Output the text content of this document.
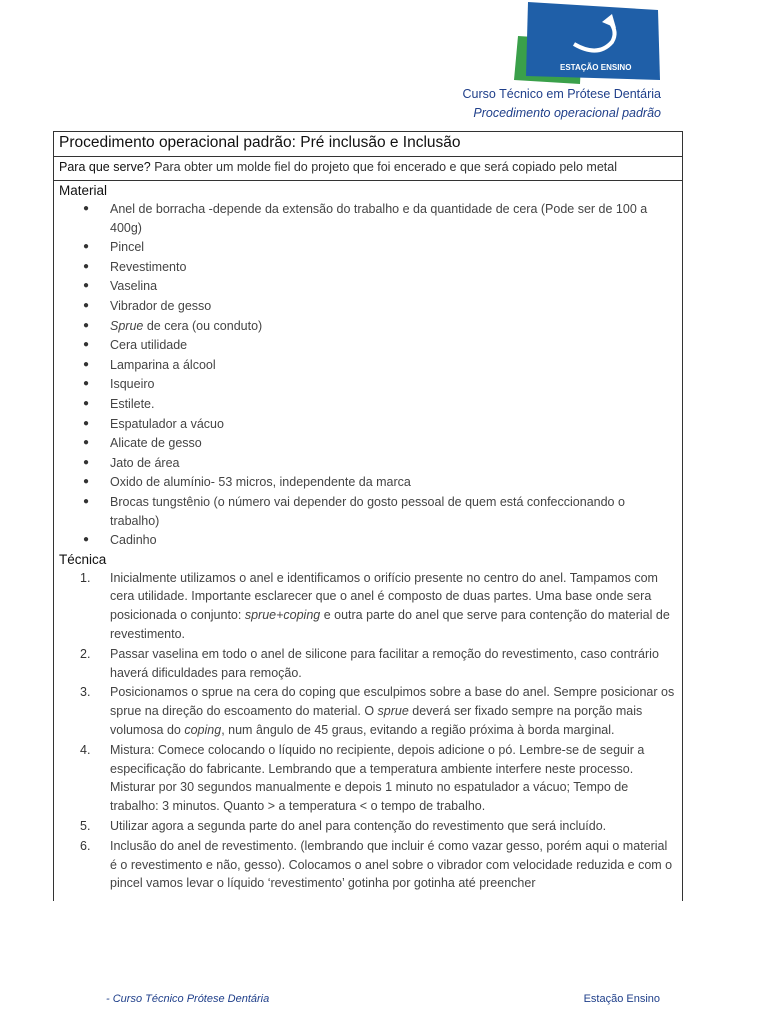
ESTAÇÃO ENSINO
Curso Técnico em Prótese Dentária
Procedimento operacional padrão
Procedimento operacional padrão: Pré inclusão e Inclusão
Para que serve? Para obter um molde fiel do projeto que foi encerado e que será copiado pelo metal
Material
● Anel de borracha -depende da extensão do trabalho e da quantidade de cera (Pode ser de 100 a 400g)
● Pincel
● Revestimento
● Vaselina
● Vibrador de gesso
● Sprue de cera (ou conduto)
● Cera utilidade
● Lamparina a álcool
● Isqueiro
● Estilete.
● Espatulador a vácuo
● Alicate de gesso
● Jato de área
● Oxido de alumínio- 53 micros, independente da marca
● Brocas tungstênio (o número vai depender do gosto pessoal de quem está confeccionando o trabalho)
● Cadinho
Técnica
1. Inicialmente utilizamos o anel e identificamos o orifício presente no centro do anel. Tampamos com cera utilidade. Importante esclarecer que o anel é composto de duas partes. Uma base onde sera posicionada o conjunto: sprue+coping e outra parte do anel que serve para contenção do material de revestimento.
2. Passar vaselina em todo o anel de silicone para facilitar a remoção do revestimento, caso contrário haverá dificuldades para remoção.
3. Posicionamos o sprue na cera do coping que esculpimos sobre a base do anel. Sempre posicionar os sprue na direção do escoamento do material. O sprue deverá ser fixado sempre na porção mais volumosa do coping, num ângulo de 45 graus, evitando a região próxima à borda marginal.
4. Mistura: Comece colocando o líquido no recipiente, depois adicione o pó. Lembre-se de seguir a especificação do fabricante. Lembrando que a temperatura ambiente interfere neste processo. Misturar por 30 segundos manualmente e depois 1 minuto no espatulador a vácuo; Tempo de trabalho: 3 minutos. Quanto > a temperatura < o tempo de trabalho.
5. Utilizar agora a segunda parte do anel para contenção do revestimento que será incluído.
6. Inclusão do anel de revestimento. (lembrando que incluir é como vazar gesso, porém aqui o material é o revestimento e não, gesso). Colocamos o anel sobre o vibrador com velocidade reduzida e com o pincel vamos levar o líquido ‘revestimento’ gotinha por gotinha até preencher
- Curso Técnico Prótese Dentária	Estação Ensino
